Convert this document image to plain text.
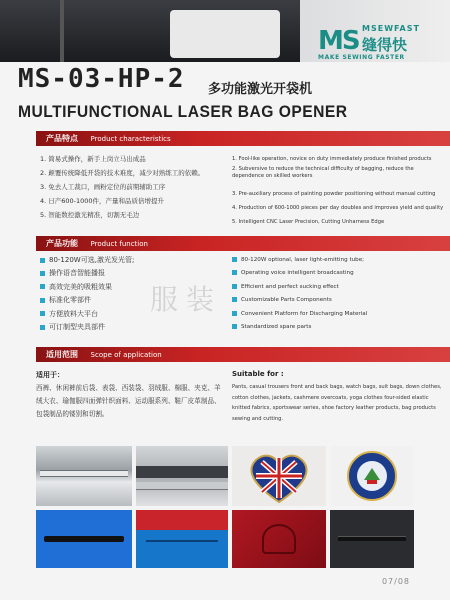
MS MSEWFAST
缝得快
MAKE SEWING FASTER
MS-03-HP-2 多功能激光开袋机
MULTIFUNCTIONAL LASER BAG OPENER
产品特点 Product characteristics
1. 简易式操作，新手上岗立马出成品
2. 颠覆传统降低开袋的技术难度，减少对熟练工的依赖。
3. 免去人工裁口，画粉定位的前期辅助工序
4. 日产600-1000件，产量和品质倍增提升
5. 智能数控激光精准，切割无毛边
1. Fool-like operation, novice on duty immediately produce finished products
2. Subversive to reduce the technical difficulty of bagging, reduce the dependence on skilled workers
3. Pre-auxiliary process of painting powder positioning without manual cutting
4. Production of 600-1000 pieces per day doubles and improves yield and quality
5. Intelligent CNC Laser Precision, Cutting Unharness Edge
产品功能 Product function
80-120W可选,激光发光管;
操作语音智能播报
高效完美的吸粗效果
标准化零部件
方便放料大平台
可订制型夹具部件
80-120W optional, laser light-emitting tube;
Operating voice intelligent broadcasting
Efficient and perfect sucking effect
Customizable Parts Components
Convenient Platform for Discharging Material
Standardized spare parts
服装
适用范围 Scope of application
适用于：
西裤、休闲裤前后袋、表袋、西装袋、羽绒服、棉服、夹克、羊绒大衣、瑜伽服四面弹针织面料、运动服系列、鞋厂皮革制品、包袋制品的镂别和切割。
Suitable for :
Pants, casual trousers front and back bags, watch bags, suit bags, down clothes, cotton clothes, jackets, cashmere overcoats, yoga clothes four-sided elastic knitted fabrics, sportswear series, shoe factory leather products, bag products sewing and cutting.
07/08
